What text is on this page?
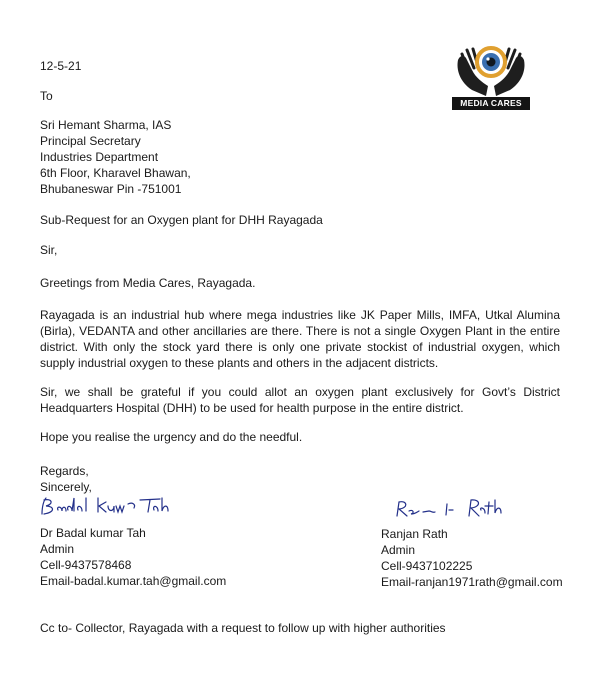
12-5-21

MEDIA CARES

To

Sri Hemant Sharma, IAS
Principal Secretary
Industries Department
6th Floor, Kharavel Bhawan,
Bhubaneswar Pin -751001

Sub-Request for an Oxygen plant for DHH Rayagada

Sir,

Greetings from Media Cares, Rayagada.

Rayagada is an industrial hub where mega industries like JK Paper Mills, IMFA, Utkal Alumina (Birla), VEDANTA and other ancillaries are there. There is not a single Oxygen Plant in the entire district. With only the stock yard there is only one private stockist of industrial oxygen, which supply industrial oxygen to these plants and others in the adjacent districts.

Sir, we shall be grateful if you could allot an oxygen plant exclusively for Govt’s District Headquarters Hospital (DHH) to be used for health purpose in the entire district.

Hope you realise the urgency and do the needful.

Regards,
Sincerely,
Dr Badal kumar Tah
Admin
Cell-9437578468
Email-badal.kumar.tah@gmail.com
Ranjan Rath
Admin
Cell-9437102225
Email-ranjan1971rath@gmail.com

Cc to- Collector, Rayagada with a request to follow up with higher authorities
